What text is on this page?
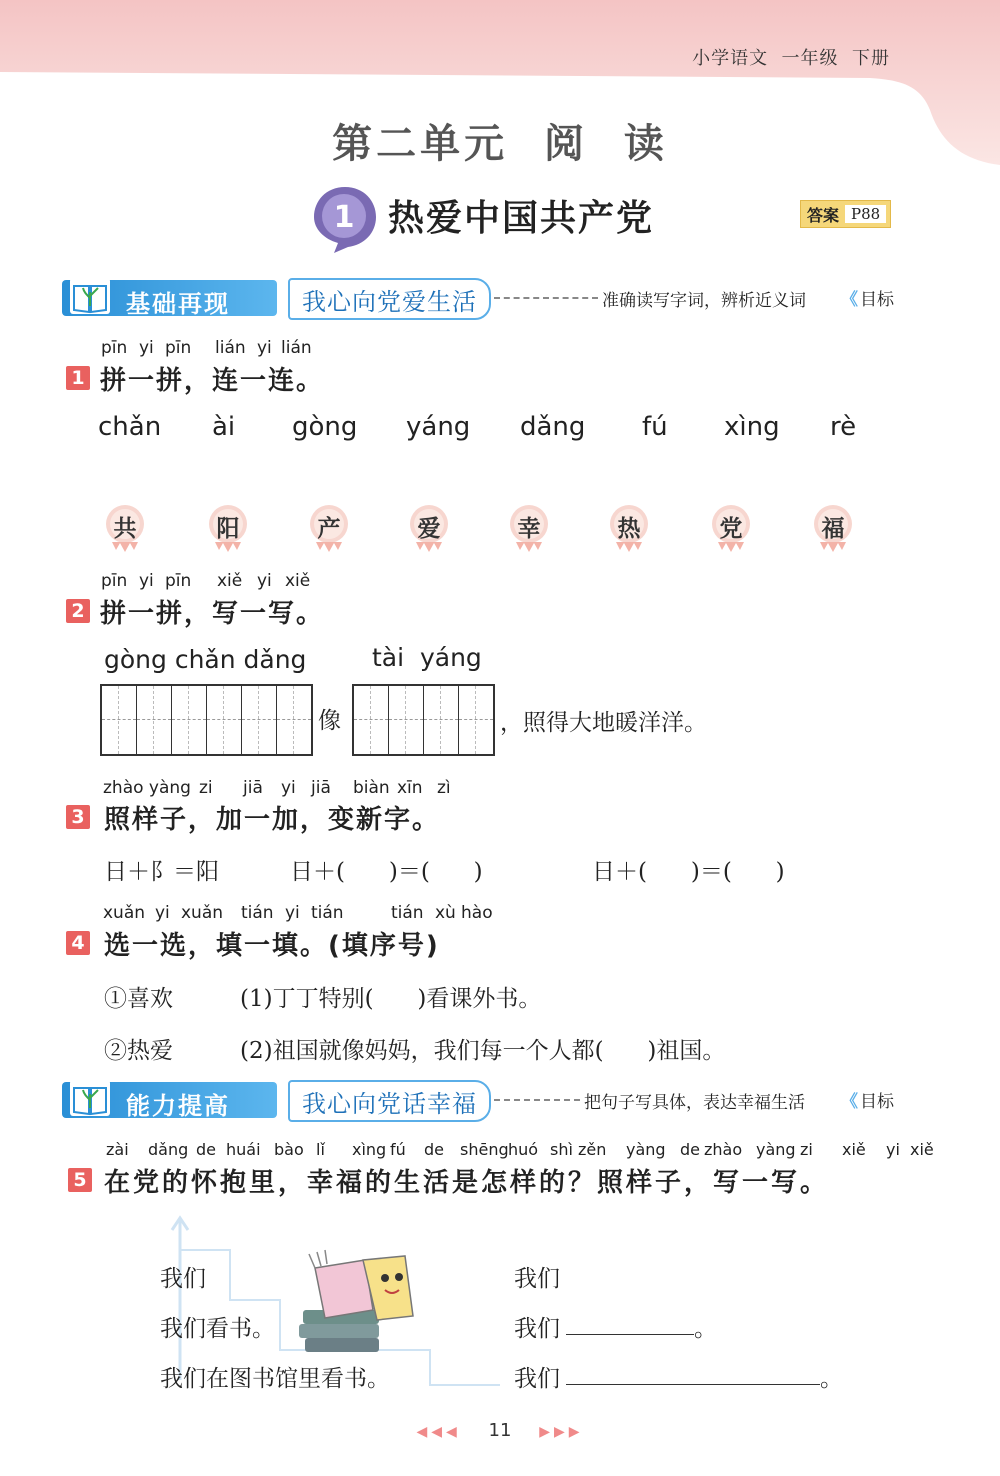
小学语文  一年级  下册
第二单元  阅  读
1 热爱中国共产党	答案 P88
基础再现	我心向党爱生活	准确读写字词，辨析近义词 《 目标
pīn yi pīn lián yi lián
1 拼一拼，连一连。
chǎn ài gòng yáng dǎng fú xìng rè
共	阳	产	爱	幸	热	党	福
pīn yi pīn xiě yi xiě
2 拼一拼，写一写。
gòng chǎn dǎng	tài  yáng
像	，照得大地暖洋洋。
zhào yàng zi jiā yi jiā biàn xīn zì
3 照样子，加一加，变新字。
日＋阝＝阳	日＋(      )＝(      )	日＋(      )＝(      )
xuǎn yi xuǎn tián yi tián	tián xù hào
4 选一选，填一填。(填序号)
①喜欢	(1)丁丁特别(      )看课外书。
②热爱	(2)祖国就像妈妈，我们每一个人都(      )祖国。
能力提高	我心向党话幸福	把句子写具体，表达幸福生活 《 目标
zài dǎng de huái bào lǐ xìng fú de shēng huó shì zěn yàng de zhào yàng zi xiě yi xiě
5 在党的怀抱里，幸福的生活是怎样的？照样子，写一写。
我们
我们看书。
我们在图书馆里看书。
我们
我们	。
我们	。
◀◀◀ 11 ▶▶▶
